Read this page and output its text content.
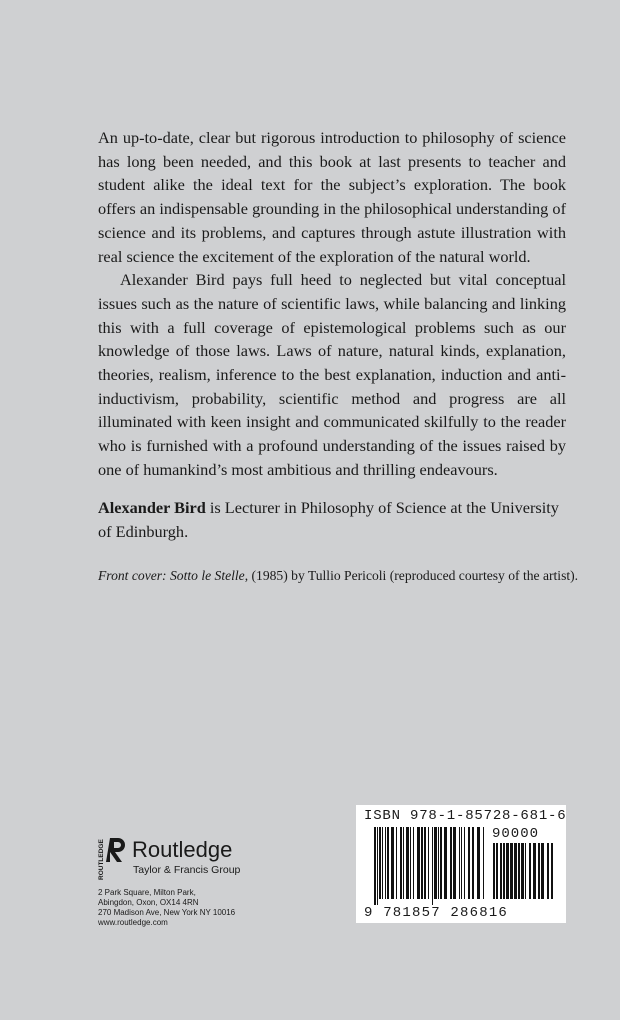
An up-to-date, clear but rigorous introduction to philosophy of science has long been needed, and this book at last presents to teacher and student alike the ideal text for the subject’s exploration. The book offers an indispensable grounding in the philosophical understanding of science and its problems, and captures through astute illustration with real science the excitement of the exploration of the natural world.

Alexander Bird pays full heed to neglected but vital conceptual issues such as the nature of scientific laws, while balancing and linking this with a full coverage of epistemological problems such as our knowledge of those laws. Laws of nature, natural kinds, explanation, theories, realism, inference to the best explanation, induction and anti-inductivism, probability, scientific method and progress are all illuminated with keen insight and communicated skilfully to the reader who is furnished with a profound understanding of the issues raised by one of humankind’s most ambitious and thrilling endeavours.

Alexander Bird is Lecturer in Philosophy of Science at the University of Edinburgh.
Front cover: Sotto le Stelle, (1985) by Tullio Pericoli (reproduced courtesy of the artist).
ROUTLEDGE Routledge
Taylor & Francis Group
2 Park Square, Milton Park,
Abingdon, Oxon, OX14 4RN
270 Madison Ave, New York NY 10016
www.routledge.com
ISBN 978-1-85728-681-6
90000
9 781857 286816
